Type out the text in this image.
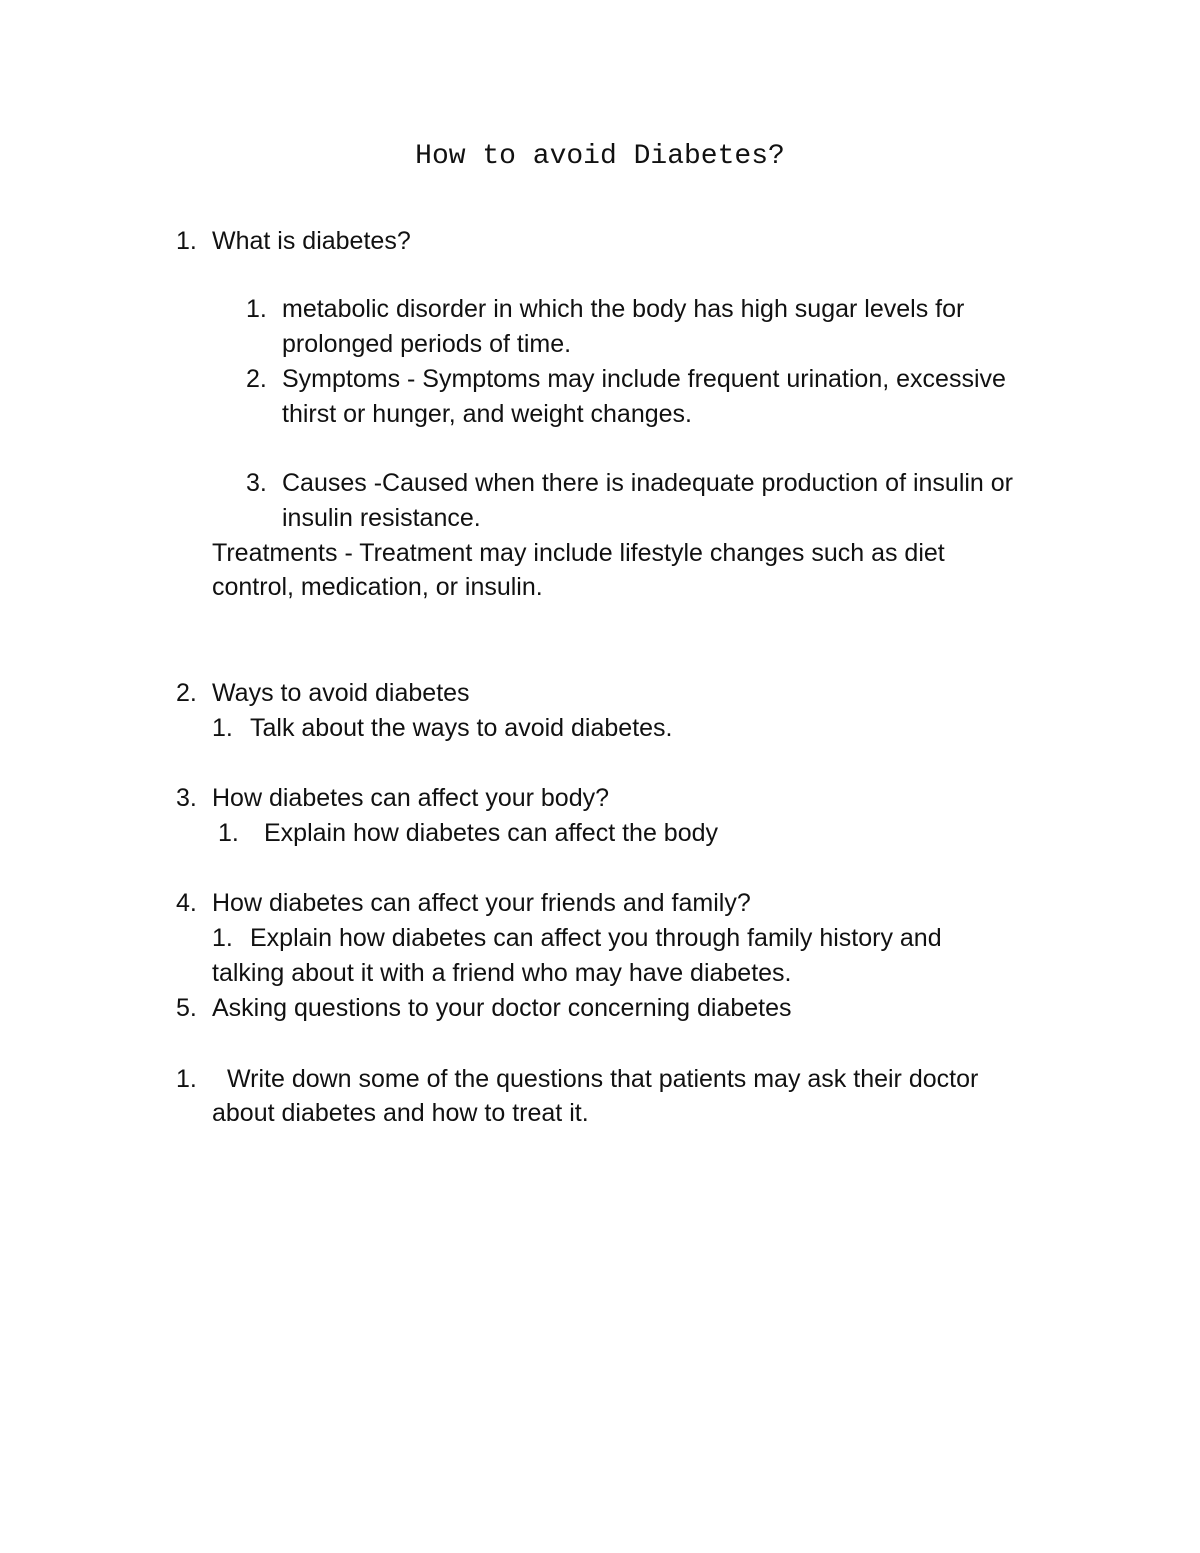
How to avoid Diabetes?
1. What is diabetes?
1. metabolic disorder in which the body has high sugar levels for
prolonged periods of time.
2. Symptoms - Symptoms may include frequent urination, excessive
thirst or hunger, and weight changes.
3. Causes -Caused when there is inadequate production of insulin or
insulin resistance.
Treatments - Treatment may include lifestyle changes such as diet
control, medication, or insulin.
2. Ways to avoid diabetes
1. Talk about the ways to avoid diabetes.
3. How diabetes can affect your body?
1. Explain how diabetes can affect the body
4. How diabetes can affect your friends and family?
1. Explain how diabetes can affect you through family history and
talking about it with a friend who may have diabetes.
5. Asking questions to your doctor concerning diabetes
1. Write down some of the questions that patients may ask their doctor
about diabetes and how to treat it.
